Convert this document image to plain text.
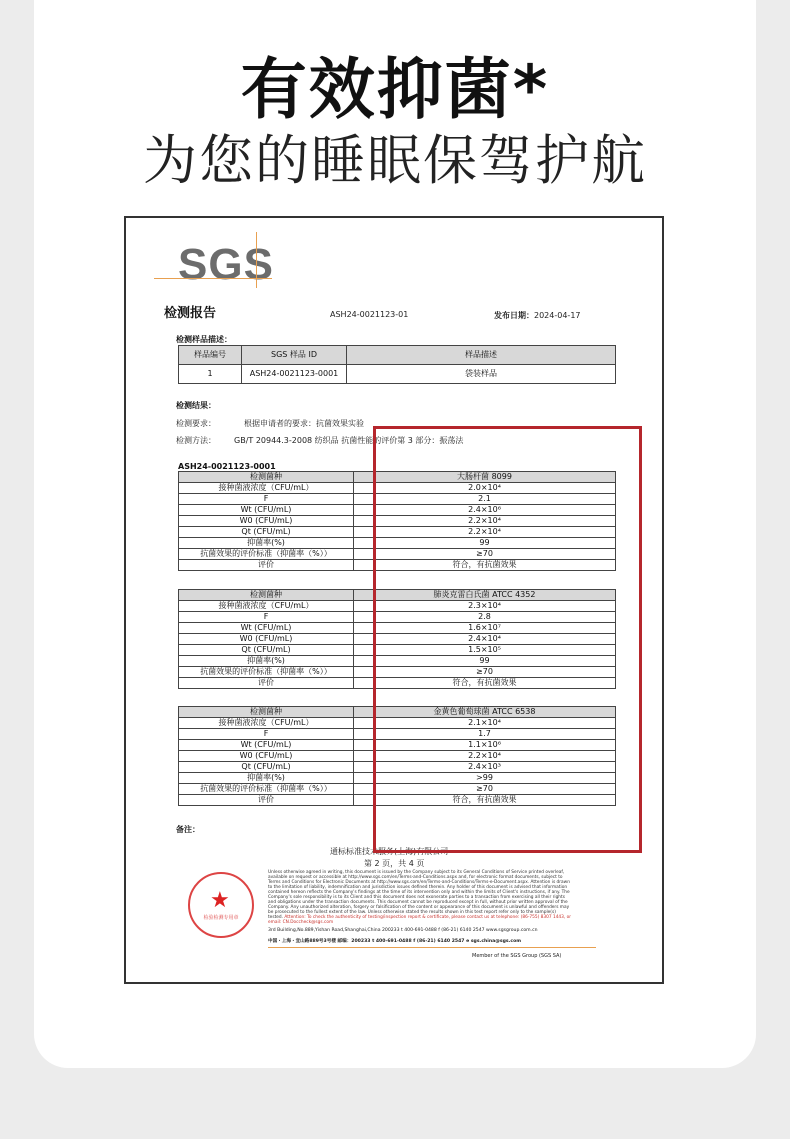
有效抑菌*
为您的睡眠保驾护航
SGS
检测报告	ASH24-0021123-01	发布日期：2024-04-17
检测样品描述：
样品编号	SGS 样品 ID	样品描述
1	ASH24-0021123-0001	袋装样品
检测结果：
检测要求：	根据申请者的要求：抗菌效果实验
检测方法： GB/T 20944.3-2008 纺织品 抗菌性能的评价第 3 部分：振荡法
ASH24-0021123-0001
检测菌种	大肠杆菌 8099
接种菌液浓度（CFU/mL）	2.0×10⁴
F	2.1
Wt (CFU/mL)	2.4×10⁶
W0 (CFU/mL)	2.2×10⁴
Qt (CFU/mL)	2.2×10⁴
抑菌率(%)	99
抗菌效果的评价标准（抑菌率（%））	≥70
评价	符合，有抗菌效果
检测菌种	肺炎克雷白氏菌 ATCC 4352
接种菌液浓度（CFU/mL）	2.3×10⁴
F	2.8
Wt (CFU/mL)	1.6×10⁷
W0 (CFU/mL)	2.4×10⁴
Qt (CFU/mL)	1.5×10⁵
抑菌率(%)	99
抗菌效果的评价标准（抑菌率（%））	≥70
评价	符合，有抗菌效果
检测菌种	金黄色葡萄球菌 ATCC 6538
接种菌液浓度（CFU/mL）	2.1×10⁴
F	1.7
Wt (CFU/mL)	1.1×10⁶
W0 (CFU/mL)	2.2×10⁴
Qt (CFU/mL)	2.4×10³
抑菌率(%)	>99
抗菌效果的评价标准（抑菌率（%））	≥70
评价	符合，有抗菌效果
备注：
通标标准技术服务(上海)有限公司
第 2 页，共 4 页
★
检验检测专用章
Unless otherwise agreed in writing, this document is issued by the Company subject to its General Conditions of Service printed overleaf, available on request or accessible at http://www.sgs.com/en/Terms-and-Conditions.aspx and, for electronic format documents, subject to Terms and Conditions for Electronic Documents at http://www.sgs.com/en/Terms-and-Conditions/Terms-e-Document.aspx. Attention is drawn to the limitation of liability, indemnification and jurisdiction issues defined therein. Any holder of this document is advised that information contained hereon reflects the Company's findings at the time of its intervention only and within the limits of Client's instructions, if any. The Company's sole responsibility is to its Client and this document does not exonerate parties to a transaction from exercising all their rights and obligations under the transaction documents. This document cannot be reproduced except in full, without prior written approval of the Company. Any unauthorized alteration, forgery or falsification of the content or appearance of this document is unlawful and offenders may be prosecuted to the fullest extent of the law. Unless otherwise stated the results shown in this test report refer only to the sample(s) tested. Attention: To check the authenticity of testing/inspection report & certificate, please contact us at telephone: (86-755) 8307 1443, or email: CN.Doccheck@sgs.com
3rd Building,No.889,Yishan Road,Shanghai,China 200233 t 400-691-0488 f (86-21) 6140 2547 www.sgsgroup.com.cn
中国・上海・宜山路889号3号楼 邮编：200233 t 400-691-0488 f (86-21) 6140 2547 e sgs.china@sgs.com
Member of the SGS Group (SGS SA)
